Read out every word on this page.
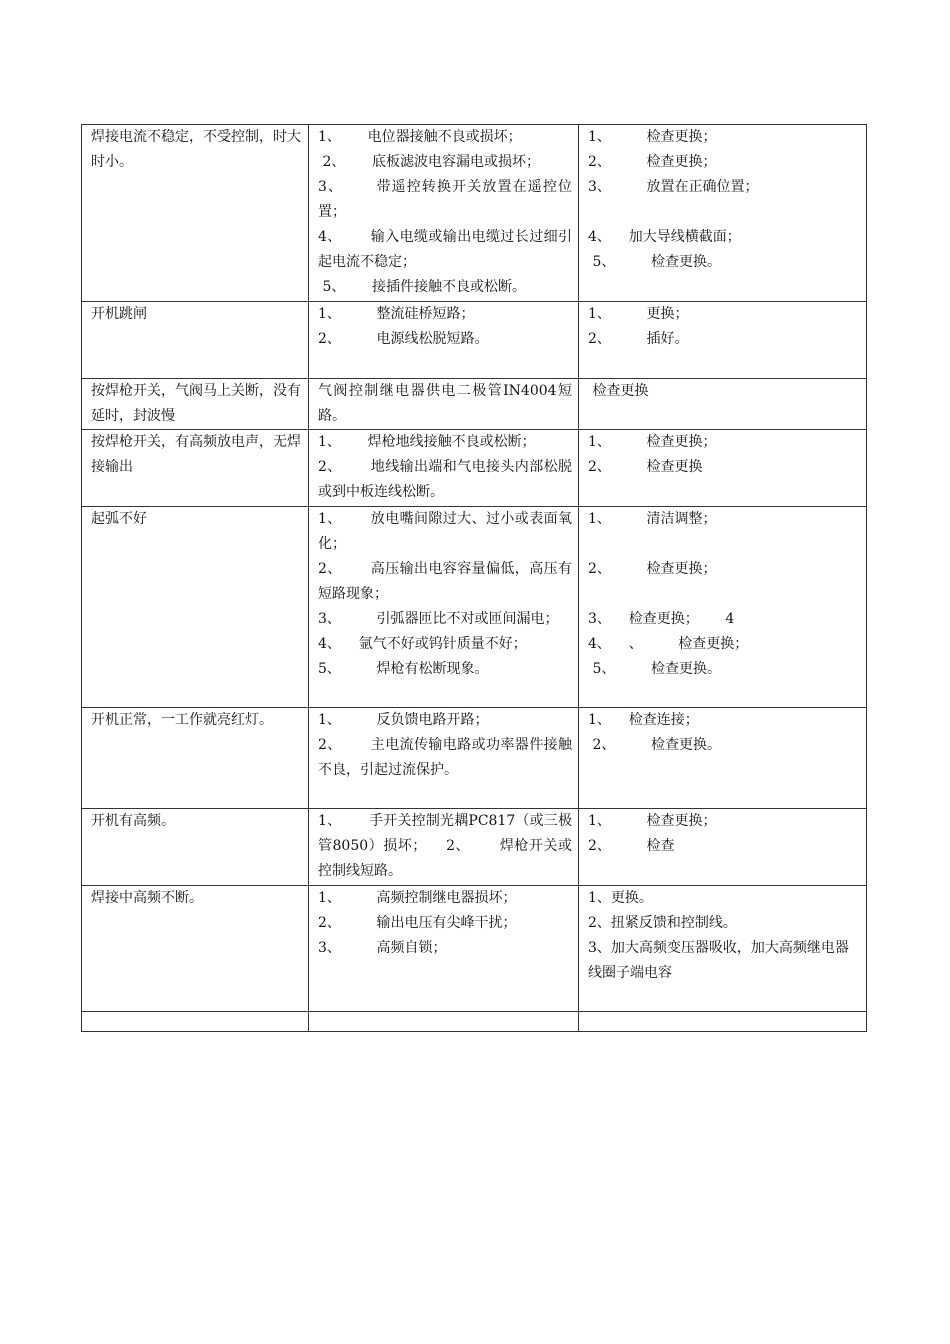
焊接电流不稳定，不受控制，时大时小。	1、      电位器接触不良或损坏；
2、      底板滤波电容漏电或损坏；
3、      带遥控转换开关放置在遥控位置；
4、      输入电缆或输出电缆过长过细引起电流不稳定；
5、      接插件接触不良或松断。	1、        检查更换；
2、        检查更换；
3、        放置在正确位置；

4、    加大导线横截面；
5、        检查更换。

开机跳闸	1、        整流硅桥短路；
2、        电源线松脱短路。	1、        更换；
2、        插好。

按焊枪开关，气阀马上关断，没有延时，封波慢	气阀控制继电器供电二极管IN4004短路。	检查更换

按焊枪开关，有高频放电声，无焊接输出	1、      焊枪地线接触不良或松断；
2、      地线输出端和气电接头内部松脱或到中板连线松断。	1、        检查更换；
2、        检查更换

起弧不好	1、      放电嘴间隙过大、过小或表面氧化；
2、      高压输出电容容量偏低，高压有短路现象；
3、        引弧器匝比不对或匝间漏电；
4、    氩气不好或钨针质量不好；
5、        焊枪有松断现象。	1、        清洁调整；

2、        检查更换；

3、    检查更换；      4
4、    、        检查更换；
5、        检查更换。

开机正常，一工作就亮红灯。	1、        反负馈电路开路；
2、      主电流传输电路或功率器件接触不良，引起过流保护。	1、    检查连接；
2、        检查更换。

开机有高频。	1、      手开关控制光耦PC817（或三极管8050）损坏；    2、      焊枪开关或控制线短路。	1、        检查更换；
2、        检查

焊接中高频不断。	1、        高频控制继电器损坏；
2、        输出电压有尖峰干扰；
3、        高频自锁；	1、更换。
2、扭紧反馈和控制线。
3、加大高频变压器吸收，加大高频继电器线圈子端电容
